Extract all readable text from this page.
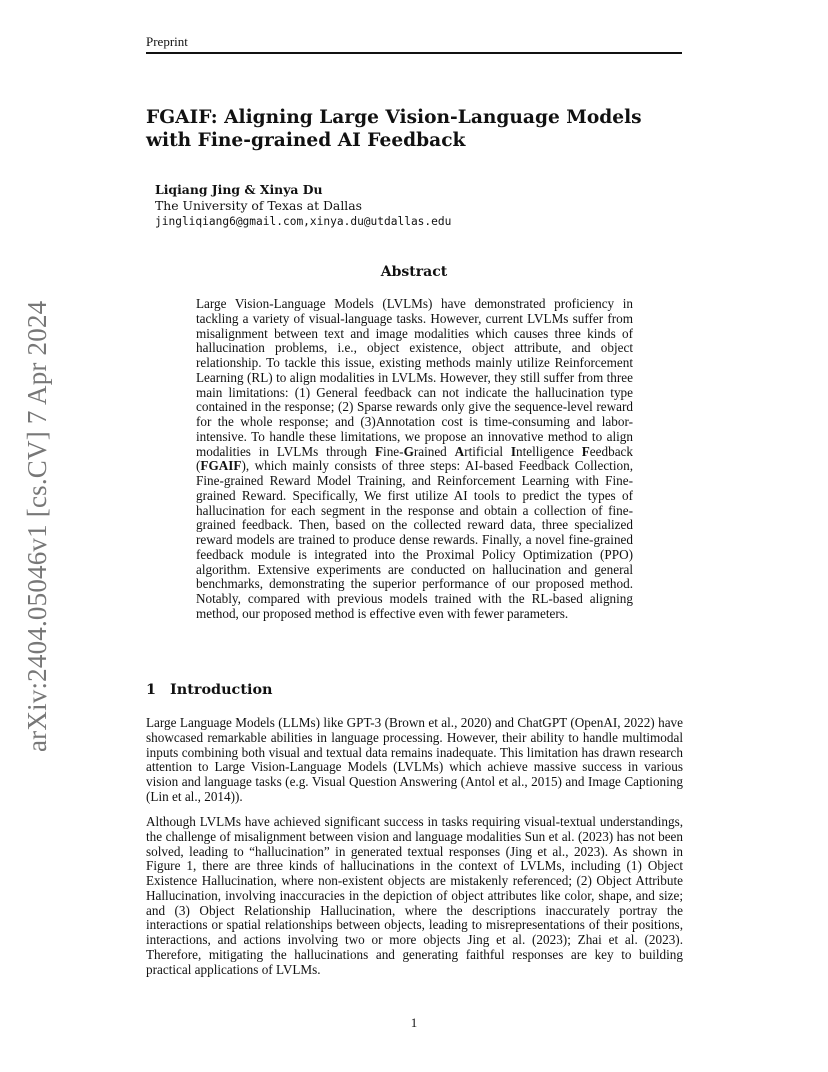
Preprint
arXiv:2404.05046v1 [cs.CV] 7 Apr 2024
FGAIF: Aligning Large Vision-Language Models
with Fine-grained AI Feedback
Liqiang Jing & Xinya Du
The University of Texas at Dallas
jingliqiang6@gmail.com,xinya.du@utdallas.edu
Abstract
Large Vision-Language Models (LVLMs) have demonstrated proficiency in tackling a variety of visual-language tasks. However, current LVLMs suffer from misalignment between text and image modalities which causes three kinds of hallucination problems, i.e., object existence, object attribute, and object relationship. To tackle this issue, existing methods mainly utilize Reinforcement Learning (RL) to align modalities in LVLMs. However, they still suffer from three main limitations: (1) General feedback can not indicate the hallucination type contained in the response; (2) Sparse rewards only give the sequence-level reward for the whole response; and (3)Annotation cost is time-consuming and labor-intensive. To handle these limitations, we propose an innovative method to align modalities in LVLMs through Fine-Grained Artificial Intelligence Feedback (FGAIF), which mainly consists of three steps: AI-based Feedback Collection, Fine-grained Reward Model Training, and Reinforcement Learning with Fine-grained Reward. Specifically, We first utilize AI tools to predict the types of hallucination for each segment in the response and obtain a collection of fine-grained feedback. Then, based on the collected reward data, three specialized reward models are trained to produce dense rewards. Finally, a novel fine-grained feedback module is integrated into the Proximal Policy Optimization (PPO) algorithm. Extensive experiments are conducted on hallucination and general benchmarks, demonstrating the superior performance of our proposed method. Notably, compared with previous models trained with the RL-based aligning method, our proposed method is effective even with fewer parameters.
1 Introduction
Large Language Models (LLMs) like GPT-3 (Brown et al., 2020) and ChatGPT (OpenAI, 2022) have showcased remarkable abilities in language processing. However, their ability to handle multimodal inputs combining both visual and textual data remains inadequate. This limitation has drawn research attention to Large Vision-Language Models (LVLMs) which achieve massive success in various vision and language tasks (e.g. Visual Question Answering (Antol et al., 2015) and Image Captioning (Lin et al., 2014)).
Although LVLMs have achieved significant success in tasks requiring visual-textual understandings, the challenge of misalignment between vision and language modalities Sun et al. (2023) has not been solved, leading to “hallucination” in generated textual responses (Jing et al., 2023). As shown in Figure 1, there are three kinds of hallucinations in the context of LVLMs, including (1) Object Existence Hallucination, where non-existent objects are mistakenly referenced; (2) Object Attribute Hallucination, involving inaccuracies in the depiction of object attributes like color, shape, and size; and (3) Object Relationship Hallucination, where the descriptions inaccurately portray the interactions or spatial relationships between objects, leading to misrepresentations of their positions, interactions, and actions involving two or more objects Jing et al. (2023); Zhai et al. (2023). Therefore, mitigating the hallucinations and generating faithful responses are key to building practical applications of LVLMs.
1
